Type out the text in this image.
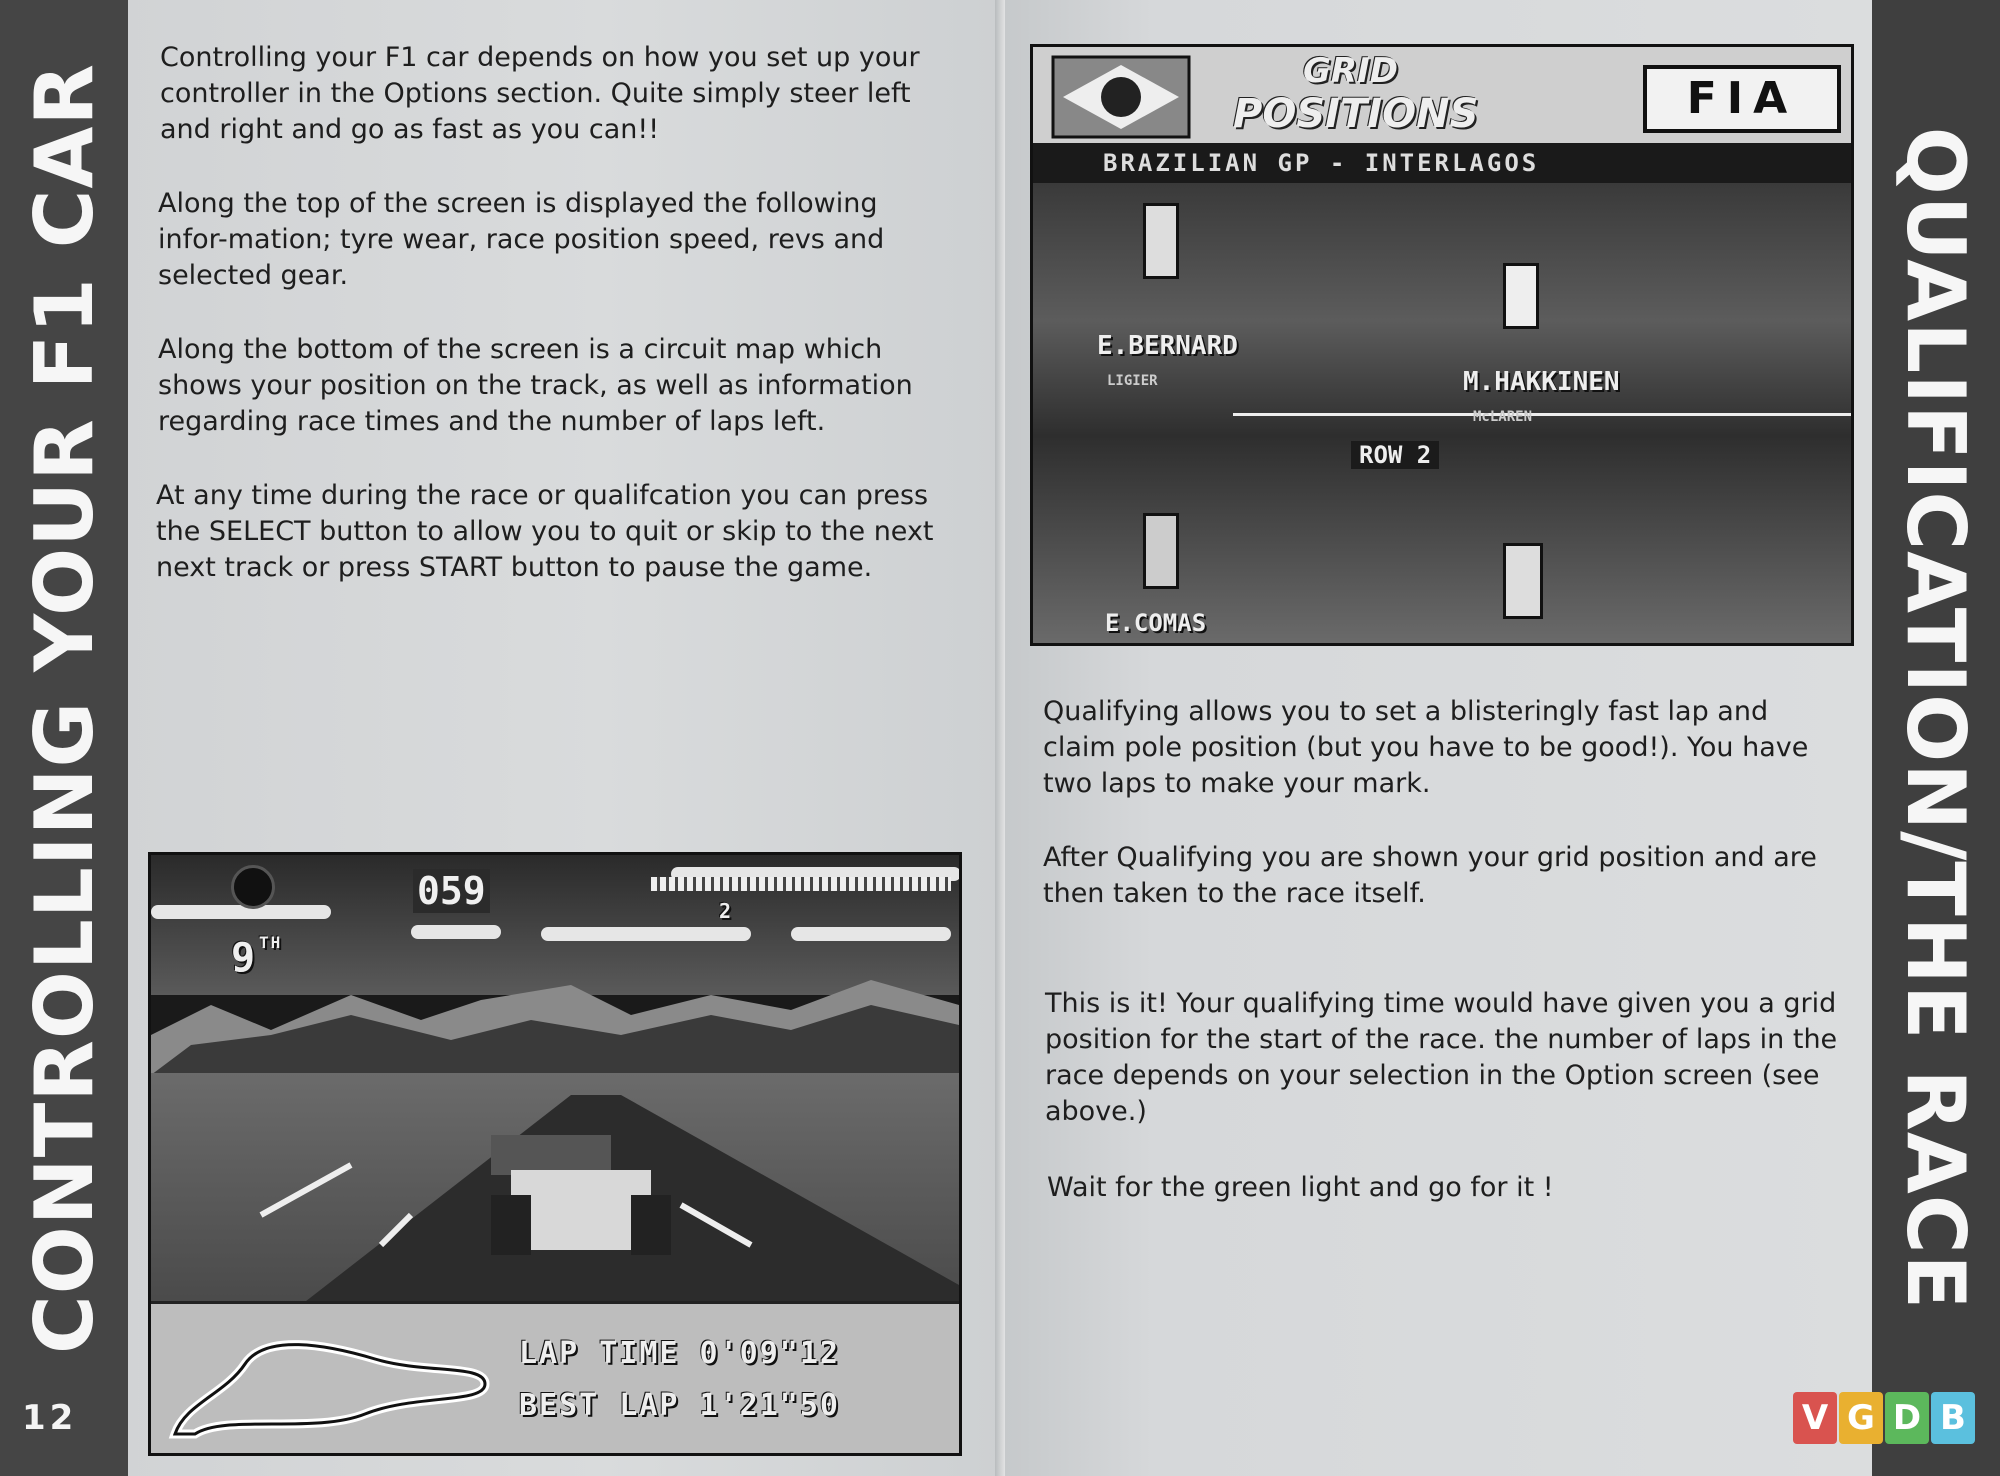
CONTROLLING YOUR F1 CAR
12

Controlling your F1 car depends on how you set up your controller in the Options section. Quite simply steer left and right and go as fast as you can!!

Along the top of the screen is displayed the following infor-mation; tyre wear, race position speed, revs and selected gear.

Along the bottom of the screen is a circuit map which shows your position on the track, as well as information regarding race times and the number of laps left.

At any time during the race or qualifcation you can press the SELECT button to allow you to quit or skip to the next next track or press START button to pause the game.

059
9 TH
2
LAP TIME 0'09"12
BEST LAP 1'21"50
QUALIFICATION/THE RACE

Qualifying allows you to set a blisteringly fast lap and claim pole position (but you have to be good!). You have two laps to make your mark.

After Qualifying you are shown your grid position and are then taken to the race itself.

This is it! Your qualifying time would have given you a grid position for the start of the race. the number of laps in the race depends on your selection in the Option screen (see above.)

Wait for the green light and go for it !

GRID
POSITIONS	FIA
BRAZILIAN GP - INTERLAGOS
E.BERNARD
LIGIER	M.HAKKINEN
McLAREN
ROW 2
E.COMAS
V G D B
